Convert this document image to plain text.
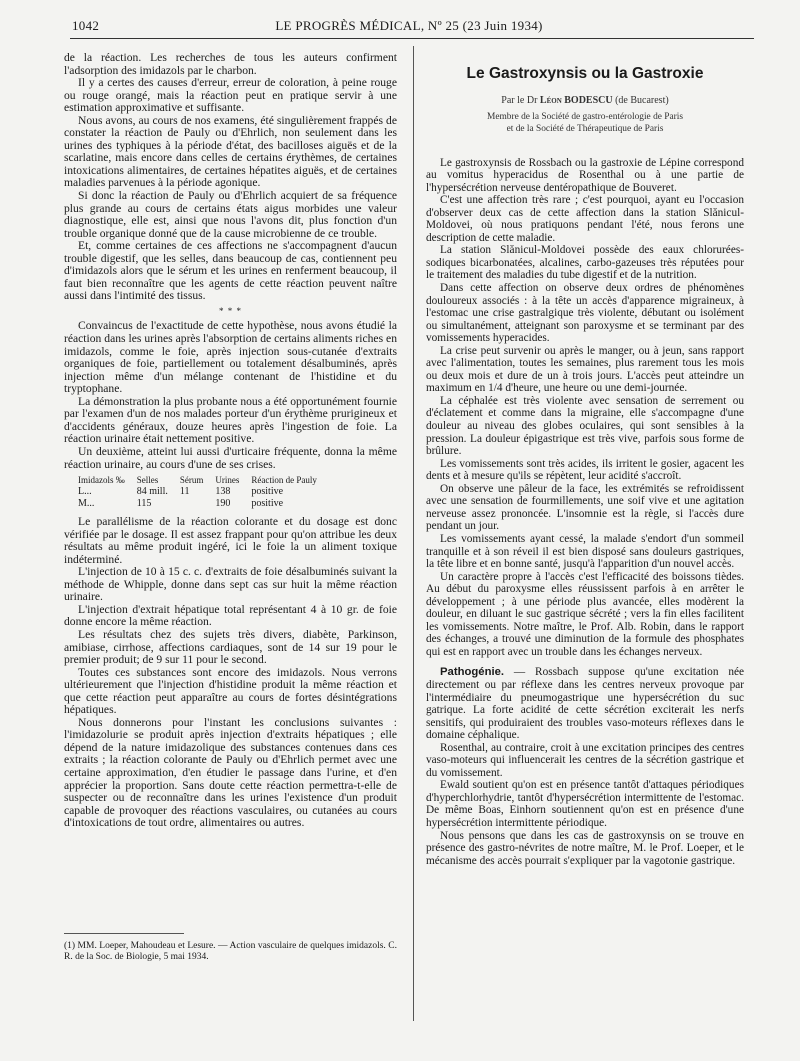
1042	LE PROGRÈS MÉDICAL, Nº 25 (23 Juin 1934)

de la réaction. Les recherches de tous les auteurs confirment l'adsorption des imidazols par le charbon.

Il y a certes des causes d'erreur, erreur de coloration, à peine rouge ou rouge orangé, mais la réaction peut en pratique servir à une estimation approximative et suffisante.

Nous avons, au cours de nos examens, été singulièrement frappés de constater la réaction de Pauly ou d'Ehrlich, non seulement dans les urines des typhiques à la période d'état, des bacilloses aiguës et de la scarlatine, mais encore dans celles de certains érythèmes, de certaines intoxications alimentaires, de certaines hépatites aiguës, et de certaines maladies parvenues à la période agonique.

Si donc la réaction de Pauly ou d'Ehrlich acquiert de sa fréquence plus grande au cours de certains états aigus morbides une valeur diagnostique, elle est, ainsi que nous l'avons dit, plus fonction d'un trouble organique donné que de la cause microbienne de ce trouble.

Et, comme certaines de ces affections ne s'accompagnent d'aucun trouble digestif, que les selles, dans beaucoup de cas, contiennent peu d'imidazols alors que le sérum et les urines en renferment beaucoup, il faut bien reconnaître que les agents de cette réaction peuvent naître aussi dans l'intimité des tissus.

* * *

Convaincus de l'exactitude de cette hypothèse, nous avons étudié la réaction dans les urines après l'absorption de certains aliments riches en imidazols, comme le foie, après injection sous-cutanée d'extraits organiques de foie, partiellement ou totalement désalbuminés, après injection même d'un mélange contenant de l'histidine et du tryptophane.

La démonstration la plus probante nous a été opportunément fournie par l'examen d'un de nos malades porteur d'un érythème prurigineux et d'accidents généraux, douze heures après l'ingestion de foie. La réaction urinaire était nettement positive.

Un deuxième, atteint lui aussi d'urticaire fréquente, donna la même réaction urinaire, au cours d'une de ses crises.

Imidazols ‰	Selles	Sérum	Urines	Réaction de Pauly
L...	84 mill.	11	138	positive
M...	115		190	positive

Le parallélisme de la réaction colorante et du dosage est donc vérifiée par le dosage. Il est assez frappant pour qu'on attribue les deux résultats au même produit ingéré, ici le foie la un aliment toxique indéterminé.

L'injection de 10 à 15 c. c. d'extraits de foie désalbuminés suivant la méthode de Whipple, donne dans sept cas sur huit la même réaction urinaire.

L'injection d'extrait hépatique total représentant 4 à 10 gr. de foie donne encore la même réaction.

Les résultats chez des sujets très divers, diabète, Parkinson, amibiase, cirrhose, affections cardiaques, sont de 14 sur 19 pour le premier produit; de 9 sur 11 pour le second.

Toutes ces substances sont encore des imidazols. Nous verrons ultérieurement que l'injection d'histidine produit la même réaction et que cette réaction peut apparaître au cours de fortes désintégrations hépatiques.

Nous donnerons pour l'instant les conclusions suivantes : l'imidazolurie se produit après injection d'extraits hépatiques ; elle dépend de la nature imidazolique des substances contenues dans ces extraits ; la réaction colorante de Pauly ou d'Ehrlich permet avec une certaine approximation, d'en étudier le passage dans l'urine, et d'en apprécier la proportion. Sans doute cette réaction permettra-t-elle de suspecter ou de reconnaître dans les urines l'existence d'un produit capable de provoquer des réactions vasculaires, ou cutanées au cours d'intoxications de tout ordre, alimentaires ou autres.

(1) MM. Loeper, Mahoudeau et Lesure. — Action vasculaire de quelques imidazols. C. R. de la Soc. de Biologie, 5 mai 1934.
Le Gastroxynsis ou la Gastroxie
Par le Dr Léon BODESCU (de Bucarest)
Membre de la Société de gastro-entérologie de Paris
et de la Société de Thérapeutique de Paris

Le gastroxynsis de Rossbach ou la gastroxie de Lépine correspond au vomitus hyperacidus de Rosenthal ou à une partie de l'hypersécrétion nerveuse dentéropathique de Bouveret.

C'est une affection très rare ; c'est pourquoi, ayant eu l'occasion d'observer deux cas de cette affection dans la station Slănicul-Moldovei, où nous pratiquons pendant l'été, nous ferons une description de cette maladie.

La station Slănicul-Moldovei possède des eaux chlorurées-sodiques bicarbonatées, alcalines, carbo-gazeuses très réputées pour le traitement des maladies du tube digestif et de la nutrition.

Dans cette affection on observe deux ordres de phénomènes douloureux associés : à la tête un accès d'apparence migraineux, à l'estomac une crise gastralgique très violente, débutant ou isolément ou simultanément, atteignant son paroxysme et se terminant par des vomissements hyperacides.

La crise peut survenir ou après le manger, ou à jeun, sans rapport avec l'alimentation, toutes les semaines, plus rarement tous les mois ou deux mois et dure de un à trois jours. L'accès peut atteindre un maximum en 1/4 d'heure, une heure ou une demi-journée.

La céphalée est très violente avec sensation de serrement ou d'éclatement et comme dans la migraine, elle s'accompagne d'une douleur au niveau des globes oculaires, qui sont sensibles à la pression. La douleur épigastrique est très vive, parfois sous forme de brûlure.

Les vomissements sont très acides, ils irritent le gosier, agacent les dents et à mesure qu'ils se répètent, leur acidité s'accroît.

On observe une pâleur de la face, les extrémités se refroidissent avec une sensation de fourmillements, une soif vive et une agitation nerveuse assez prononcée. L'insomnie est la règle, si l'accès dure pendant un jour.

Les vomissements ayant cessé, la malade s'endort d'un sommeil tranquille et à son réveil il est bien disposé sans douleurs gastriques, la tête libre et en bonne santé, jusqu'à l'apparition d'un nouvel accès.

Un caractère propre à l'accès c'est l'efficacité des boissons tièdes. Au début du paroxysme elles réussissent parfois à en arrêter le développement ; à une période plus avancée, elles modèrent la douleur, en diluant le suc gastrique sécrété ; vers la fin elles facilitent les vomissements. Notre maître, le Prof. Alb. Robin, dans le rapport des échanges, a trouvé une diminution de la formule des phosphates qui est en rapport avec un trouble dans les échanges nerveux.

Pathogénie. — Rossbach suppose qu'une excitation née directement ou par réflexe dans les centres nerveux provoque par l'intermédiaire du pneumogastrique une hypersécrétion du suc gatrique. La forte acidité de cette sécrétion exciterait les nerfs sensitifs, qui produiraient des troubles vaso-moteurs réflexes dans le domaine céphalique.

Rosenthal, au contraire, croit à une excitation principes des centres vaso-moteurs qui influencerait les centres de la sécrétion gastrique et du vomissement.

Ewald soutient qu'on est en présence tantôt d'attaques périodiques d'hyperchlorhydrie, tantôt d'hypersécrétion intermittente de l'estomac. De même Boas, Einhorn soutiennent qu'on est en présence d'une hypersécrétion intermittente périodique.

Nous pensons que dans les cas de gastroxynsis on se trouve en présence des gastro-névrites de notre maître, M. le Prof. Loeper, et le mécanisme des accès pourrait s'expliquer par la vagotonie gastrique.
